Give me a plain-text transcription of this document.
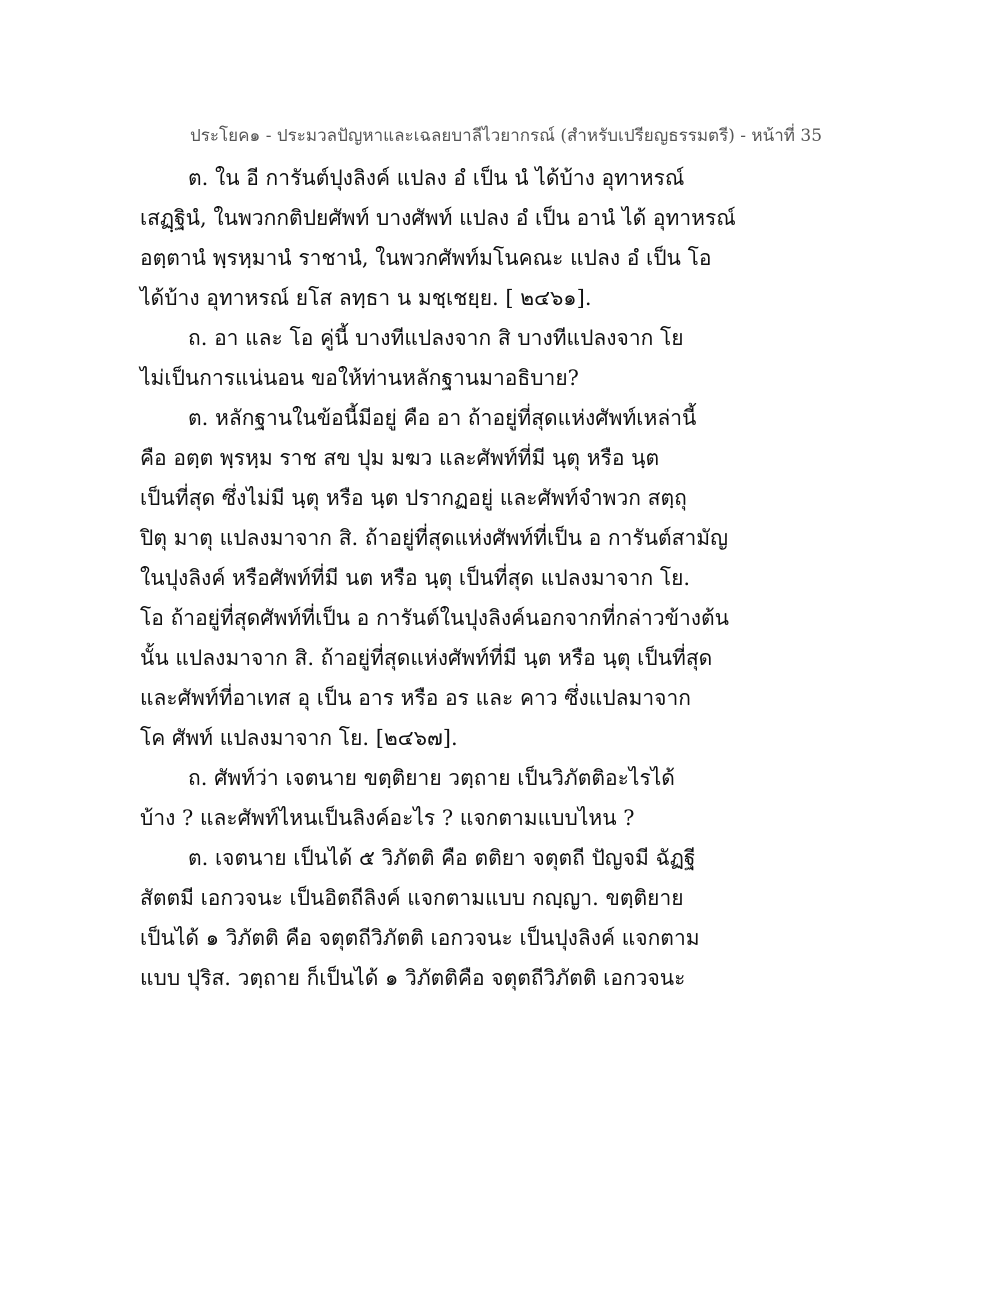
ประโยค๑ - ประมวลปัญหาและเฉลยบาลีไวยากรณ์ (สำหรับเปรียญธรรมตรี) - หน้าที่ 35
ต. ใน อี การันต์ปุงลิงค์ แปลง อํ เป็น นํ ได้บ้าง อุทาหรณ์
เสฏฺฐินํ, ในพวกกติปยศัพท์ บางศัพท์ แปลง อํ เป็น อานํ ได้ อุทาหรณ์
อตฺตานํ พฺรหฺมานํ ราชานํ, ในพวกศัพท์มโนคณะ แปลง อํ เป็น โอ
ได้บ้าง อุทาหรณ์ ยโส ลทฺธา น มชฺเชยฺย. [ ๒๔๖๑].
ถ. อา และ โอ คู่นี้ บางทีแปลงจาก สิ บางทีแปลงจาก โย
ไม่เป็นการแน่นอน ขอให้ท่านหลักฐานมาอธิบาย?
ต. หลักฐานในข้อนี้มีอยู่ คือ อา ถ้าอยู่ที่สุดแห่งศัพท์เหล่านี้
คือ อตฺต พฺรหฺม ราช สข ปุม มฆว และศัพท์ที่มี นฺตุ หรือ นฺต
เป็นที่สุด ซึ่งไม่มี นฺตุ หรือ นฺต ปรากฏอยู่ และศัพท์จำพวก สตฺถุ
ปิตุ มาตุ แปลงมาจาก สิ. ถ้าอยู่ที่สุดแห่งศัพท์ที่เป็น อ การันต์สามัญ
ในปุงลิงค์ หรือศัพท์ที่มี นต หรือ นฺตุ เป็นที่สุด แปลงมาจาก โย.
โอ ถ้าอยู่ที่สุดศัพท์ที่เป็น อ การันต์ในปุงลิงค์นอกจากที่กล่าวข้างต้น
นั้น แปลงมาจาก สิ. ถ้าอยู่ที่สุดแห่งศัพท์ที่มี นฺต หรือ นฺตุ เป็นที่สุด
และศัพท์ที่อาเทส อุ เป็น อาร หรือ อร และ คาว ซึ่งแปลมาจาก
โค ศัพท์ แปลงมาจาก โย. [๒๔๖๗].
ถ. ศัพท์ว่า เจตนาย ขตฺติยาย วตฺถาย เป็นวิภัตติอะไรได้
บ้าง ? และศัพท์ไหนเป็นลิงค์อะไร ? แจกตามแบบไหน ?
ต. เจตนาย เป็นได้ ๕ วิภัตติ คือ ตติยา จตุตถี ปัญจมี ฉัฏฐี
สัตตมี เอกวจนะ เป็นอิตถีลิงค์ แจกตามแบบ กญฺญา. ขตฺติยาย
เป็นได้ ๑ วิภัตติ คือ จตุตถีวิภัตติ เอกวจนะ เป็นปุงลิงค์ แจกตาม
แบบ ปุริส. วตฺถาย ก็เป็นได้ ๑ วิภัตติคือ จตุตถีวิภัตติ เอกวจนะ
